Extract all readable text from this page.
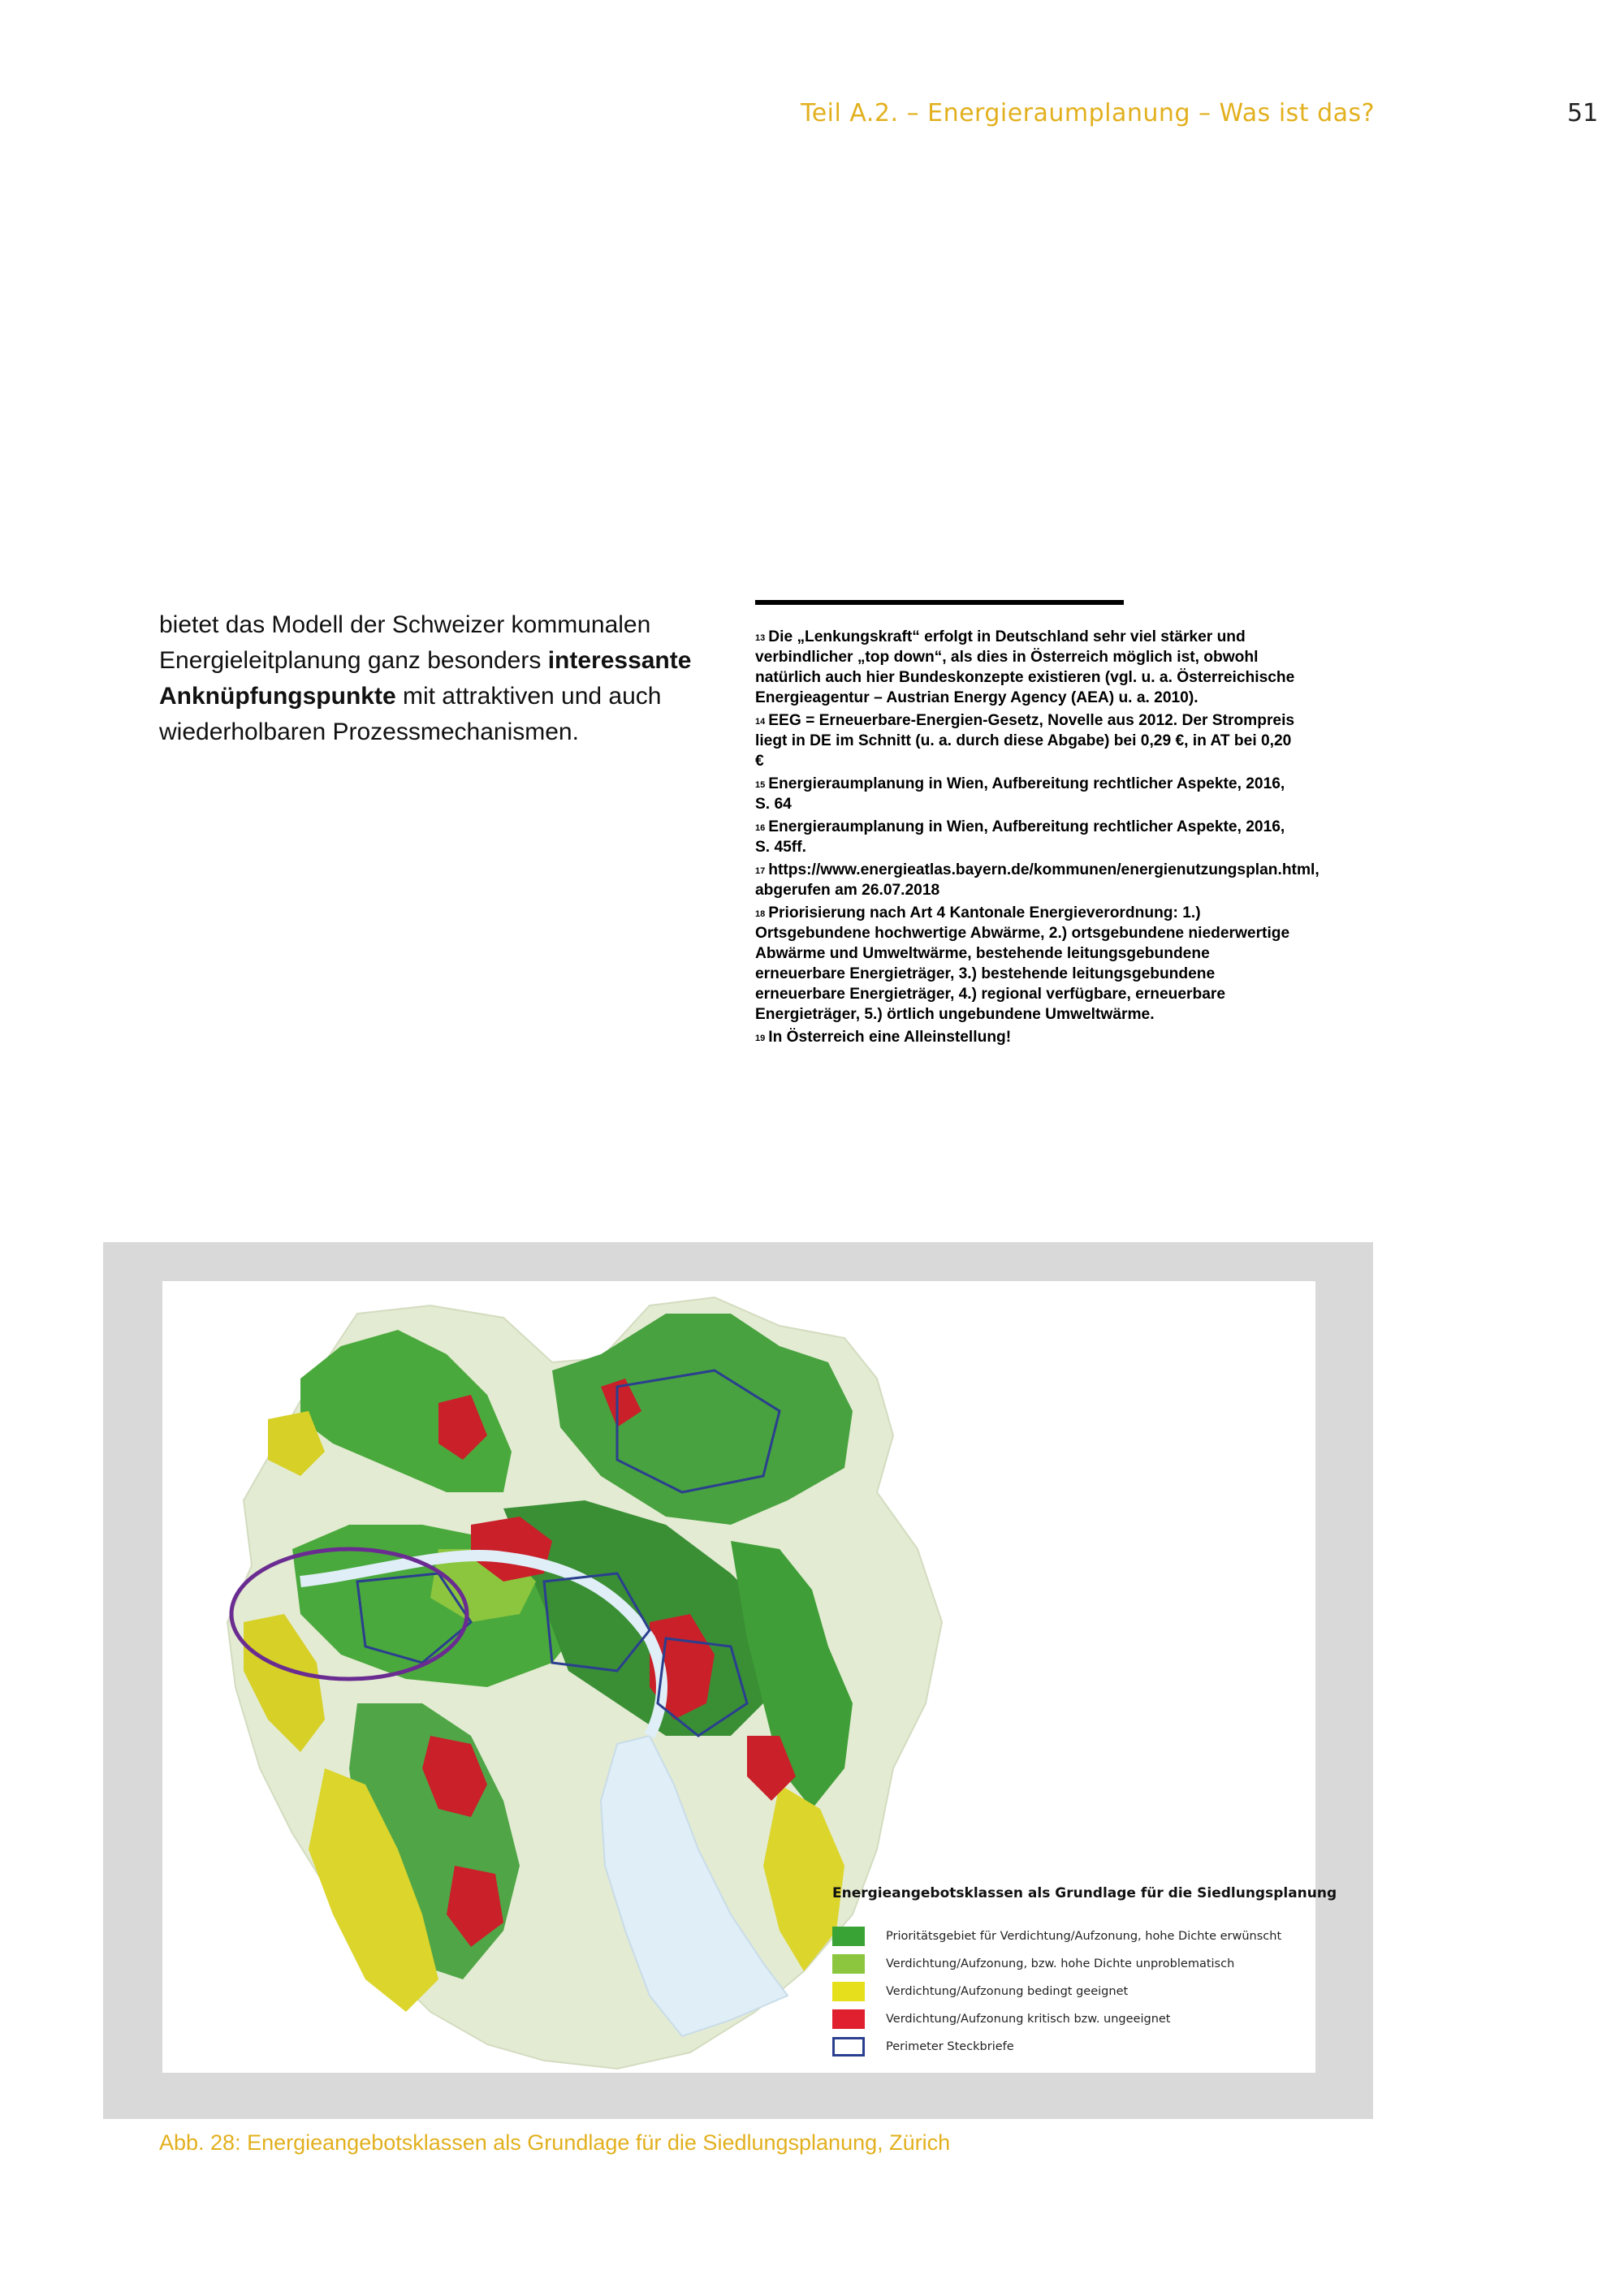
Teil A.2. – Energieraumplanung – Was ist das?	51
bietet das Modell der Schweizer kommunalen Energieleitplanung ganz besonders interessante Anknüpfungspunkte mit attraktiven und auch wiederholbaren Prozessmechanismen.

$^{13}$ Die „Lenkungskraft“ erfolgt in Deutschland sehr viel stärker und verbindlicher „top down“, als dies in Österreich möglich ist, obwohl natürlich auch hier Bundeskonzepte existieren (vgl. u. a. Österreichische Energieagentur – Austrian Energy Agency (AEA) u. a. 2010).

$^{14}$ EEG = Erneuerbare-Energien-Gesetz, Novelle aus 2012. Der Strompreis liegt in DE im Schnitt (u. a. durch diese Abgabe) bei 0,29 €, in AT bei 0,20 €

$^{15}$ Energieraumplanung in Wien, Aufbereitung rechtlicher Aspekte, 2016, S. 64

$^{16}$ Energieraumplanung in Wien, Aufbereitung rechtlicher Aspekte, 2016, S. 45ff.

$^{17}$ https://www.energieatlas.bayern.de/kommunen/energienutzungsplan.html, abgerufen am 26.07.2018

$^{18}$ Priorisierung nach Art 4 Kantonale Energieverordnung: 1.) Ortsgebundene hochwertige Abwärme, 2.) ortsgebundene niederwertige Abwärme und Umweltwärme, bestehende leitungsgebundene erneuerbare Energieträger, 3.) bestehende leitungsgebundene erneuerbare Energieträger, 4.) regional verfügbare, erneuerbare Energieträger, 5.) örtlich ungebundene Umweltwärme.

$^{19}$ In Österreich eine Alleinstellung!

Energieangebotsklassen als Grundlage für die Siedlungsplanung
Prioritätsgebiet für Verdichtung/Aufzonung, hohe Dichte erwünscht
Verdichtung/Aufzonung, bzw. hohe Dichte unproblematisch
Verdichtung/Aufzonung bedingt geeignet
Verdichtung/Aufzonung kritisch bzw. ungeeignet
Perimeter Steckbriefe
Abb. 28: Energieangebotsklassen als Grundlage für die Siedlungsplanung, Zürich
